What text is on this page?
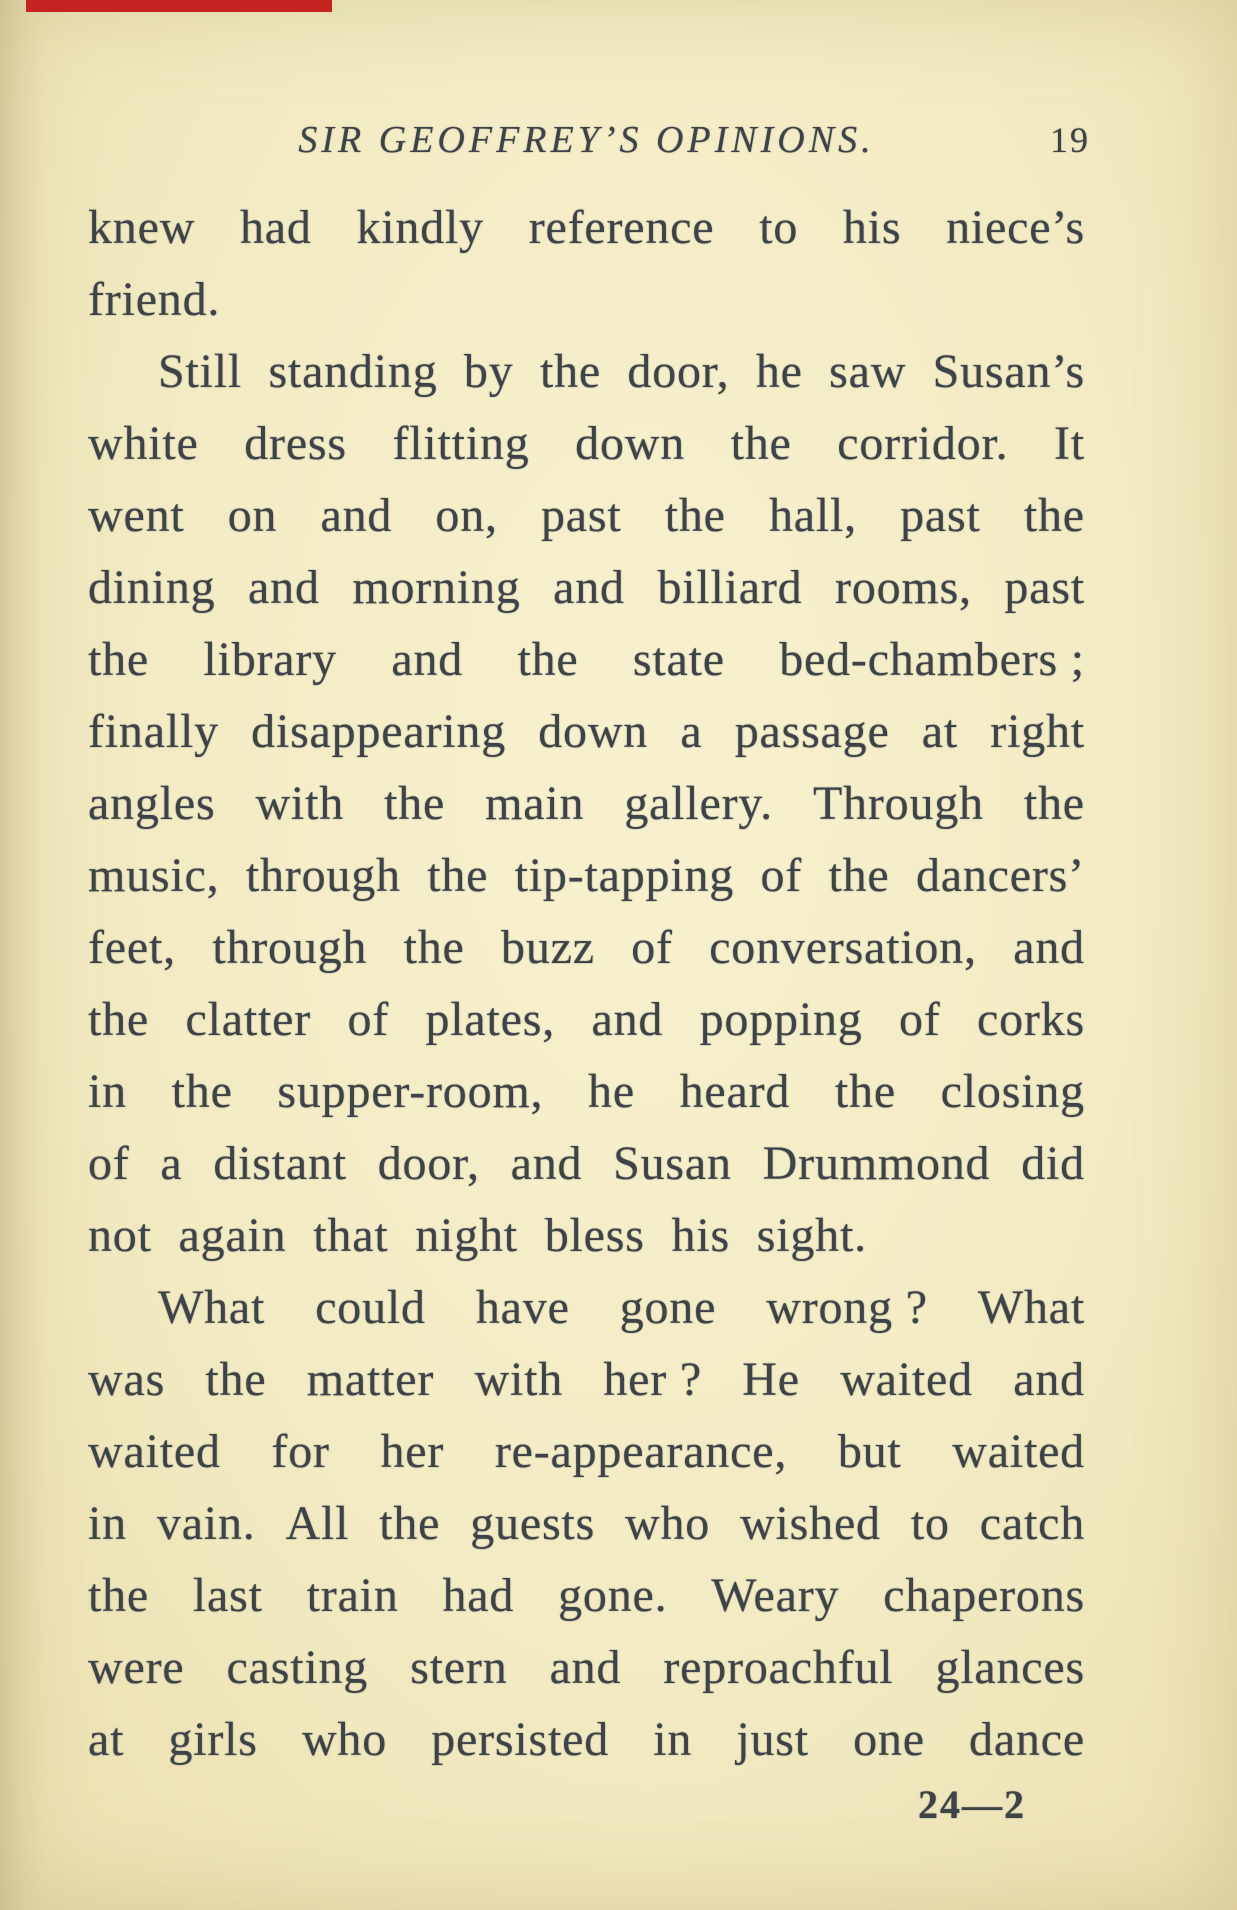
SIR GEOFFREY’S OPINIONS.	19
knew had kindly reference to his niece’s
friend.
Still standing by the door, he saw Susan’s
white dress flitting down the corridor. It
went on and on, past the hall, past the
dining and morning and billiard rooms, past
the library and the state bed-chambers ;
finally disappearing down a passage at right
angles with the main gallery. Through the
music, through the tip-tapping of the dancers’
feet, through the buzz of conversation, and
the clatter of plates, and popping of corks
in the supper-room, he heard the closing
of a distant door, and Susan Drummond did
not again that night bless his sight.
What could have gone wrong ? What
was the matter with her ? He waited and
waited for her re-appearance, but waited
in vain. All the guests who wished to catch
the last train had gone. Weary chaperons
were casting stern and reproachful glances
at girls who persisted in just one dance
24—2
